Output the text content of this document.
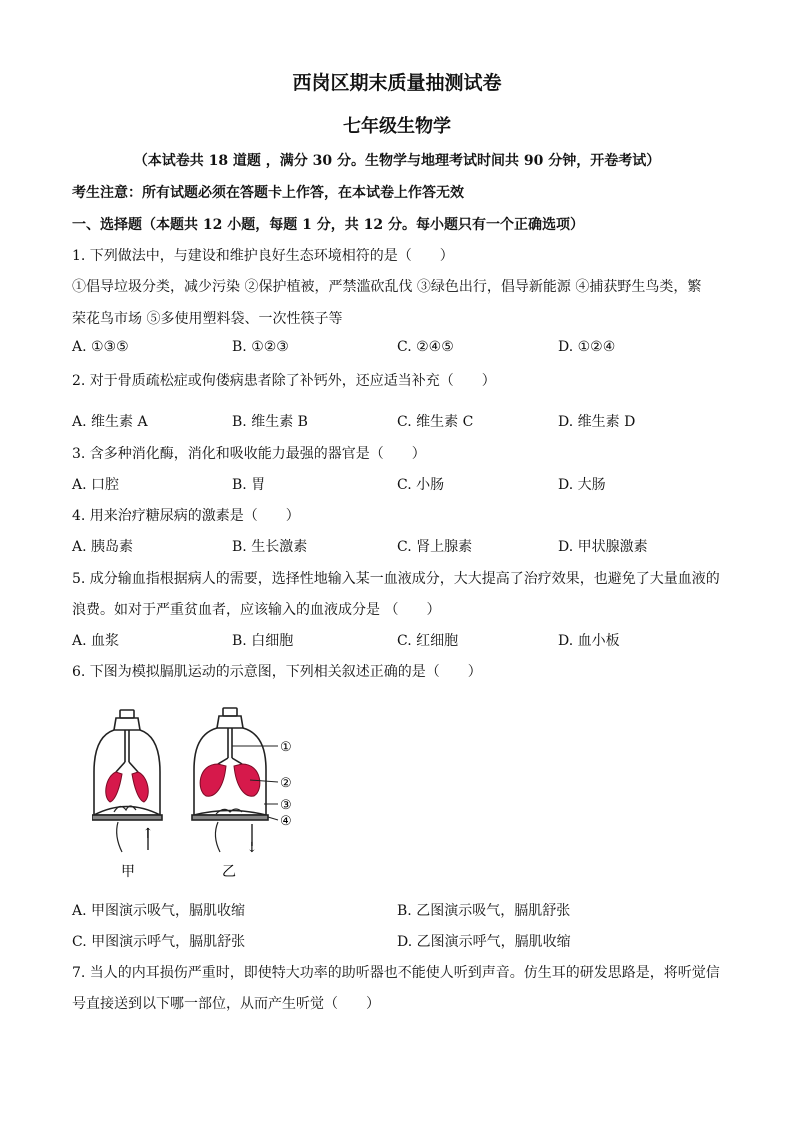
西岗区期末质量抽测试卷
七年级生物学
（本试卷共 18 道题 ，满分 30 分。生物学与地理考试时间共 90 分钟，开卷考试）
考生注意：所有试题必须在答题卡上作答，在本试卷上作答无效
一、选择题（本题共 12 小题，每题 1 分，共 12 分。每小题只有一个正确选项）
1. 下列做法中，与建设和维护良好生态环境相符的是（　　）
①倡导垃圾分类，减少污染 ②保护植被，严禁滥砍乱伐 ③绿色出行，倡导新能源 ④捕获野生鸟类，繁
荣花鸟市场 ⑤多使用塑料袋、一次性筷子等
A. ①③⑤	B. ①②③	C. ②④⑤	D. ①②④
2. 对于骨质疏松症或佝偻病患者除了补钙外，还应适当补充（　　）
A. 维生素 A	B. 维生素 B	C. 维生素 C	D. 维生素 D
3. 含多种消化酶，消化和吸收能力最强的器官是（　　）
A. 口腔	B. 胃	C. 小肠	D. 大肠
4. 用来治疗糖尿病的激素是（　　）
A. 胰岛素	B. 生长激素	C. 肾上腺素	D. 甲状腺激素
5. 成分输血指根据病人的需要，选择性地输入某一血液成分，大大提高了治疗效果，也避免了大量血液的
浪费。如对于严重贫血者，应该输入的血液成分是 （　　）
A. 血浆	B. 白细胞	C. 红细胞	D. 血小板
6. 下图为模拟膈肌运动的示意图，下列相关叙述正确的是（　　）
↑
甲
↓
乙
①
②
③
④
A. 甲图演示吸气，膈肌收缩	B. 乙图演示吸气，膈肌舒张
C. 甲图演示呼气，膈肌舒张	D. 乙图演示呼气，膈肌收缩
7. 当人的内耳损伤严重时，即使特大功率的助听器也不能使人听到声音。仿生耳的研发思路是，将听觉信
号直接送到以下哪一部位，从而产生听觉（　　）
